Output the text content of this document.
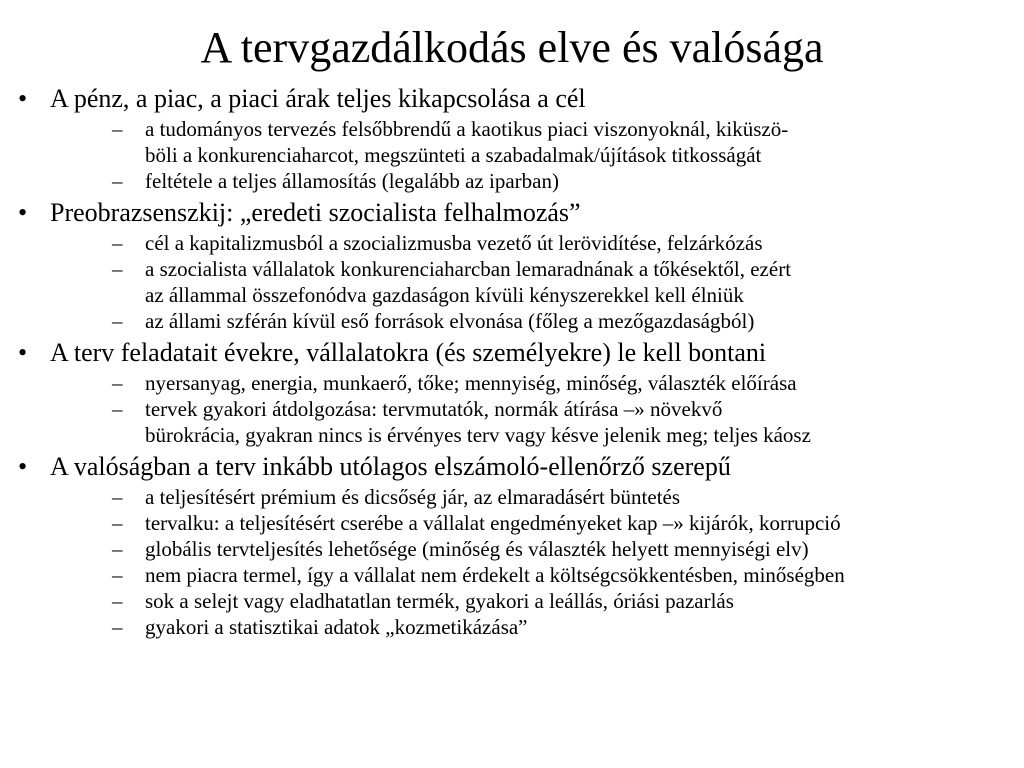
A tervgazdálkodás elve és valósága
• A pénz, a piac, a piaci árak teljes kikapcsolása a cél
– a tudományos tervezés felsőbbrendű a kaotikus piaci viszonyoknál, kiküszö-
böli a konkurenciaharcot, megszünteti a szabadalmak/újítások titkosságát
– feltétele a teljes államosítás (legalább az iparban)
• Preobrazsenszkij: „eredeti szocialista felhalmozás”
– cél a kapitalizmusból a szocializmusba vezető út lerövidítése, felzárkózás
– a szocialista vállalatok konkurenciaharcban lemaradnának a tőkésektől, ezért
az állammal összefonódva gazdaságon kívüli kényszerekkel kell élniük
– az állami szférán kívül eső források elvonása (főleg a mezőgazdaságból)
• A terv feladatait évekre, vállalatokra (és személyekre) le kell bontani
– nyersanyag, energia, munkaerő, tőke; mennyiség, minőség, választék előírása
– tervek gyakori átdolgozása: tervmutatók, normák átírása –» növekvő
bürokrácia, gyakran nincs is érvényes terv vagy késve jelenik meg; teljes káosz
• A valóságban a terv inkább utólagos elszámoló-ellenőrző szerepű
– a teljesítésért prémium és dicsőség jár, az elmaradásért büntetés
– tervalku: a teljesítésért cserébe a vállalat engedményeket kap –» kijárók, korrupció
– globális tervteljesítés lehetősége (minőség és választék helyett mennyiségi elv)
– nem piacra termel, így a vállalat nem érdekelt a költségcsökkentésben, minőségben
– sok a selejt vagy eladhatatlan termék, gyakori a leállás, óriási pazarlás
– gyakori a statisztikai adatok „kozmetikázása”
